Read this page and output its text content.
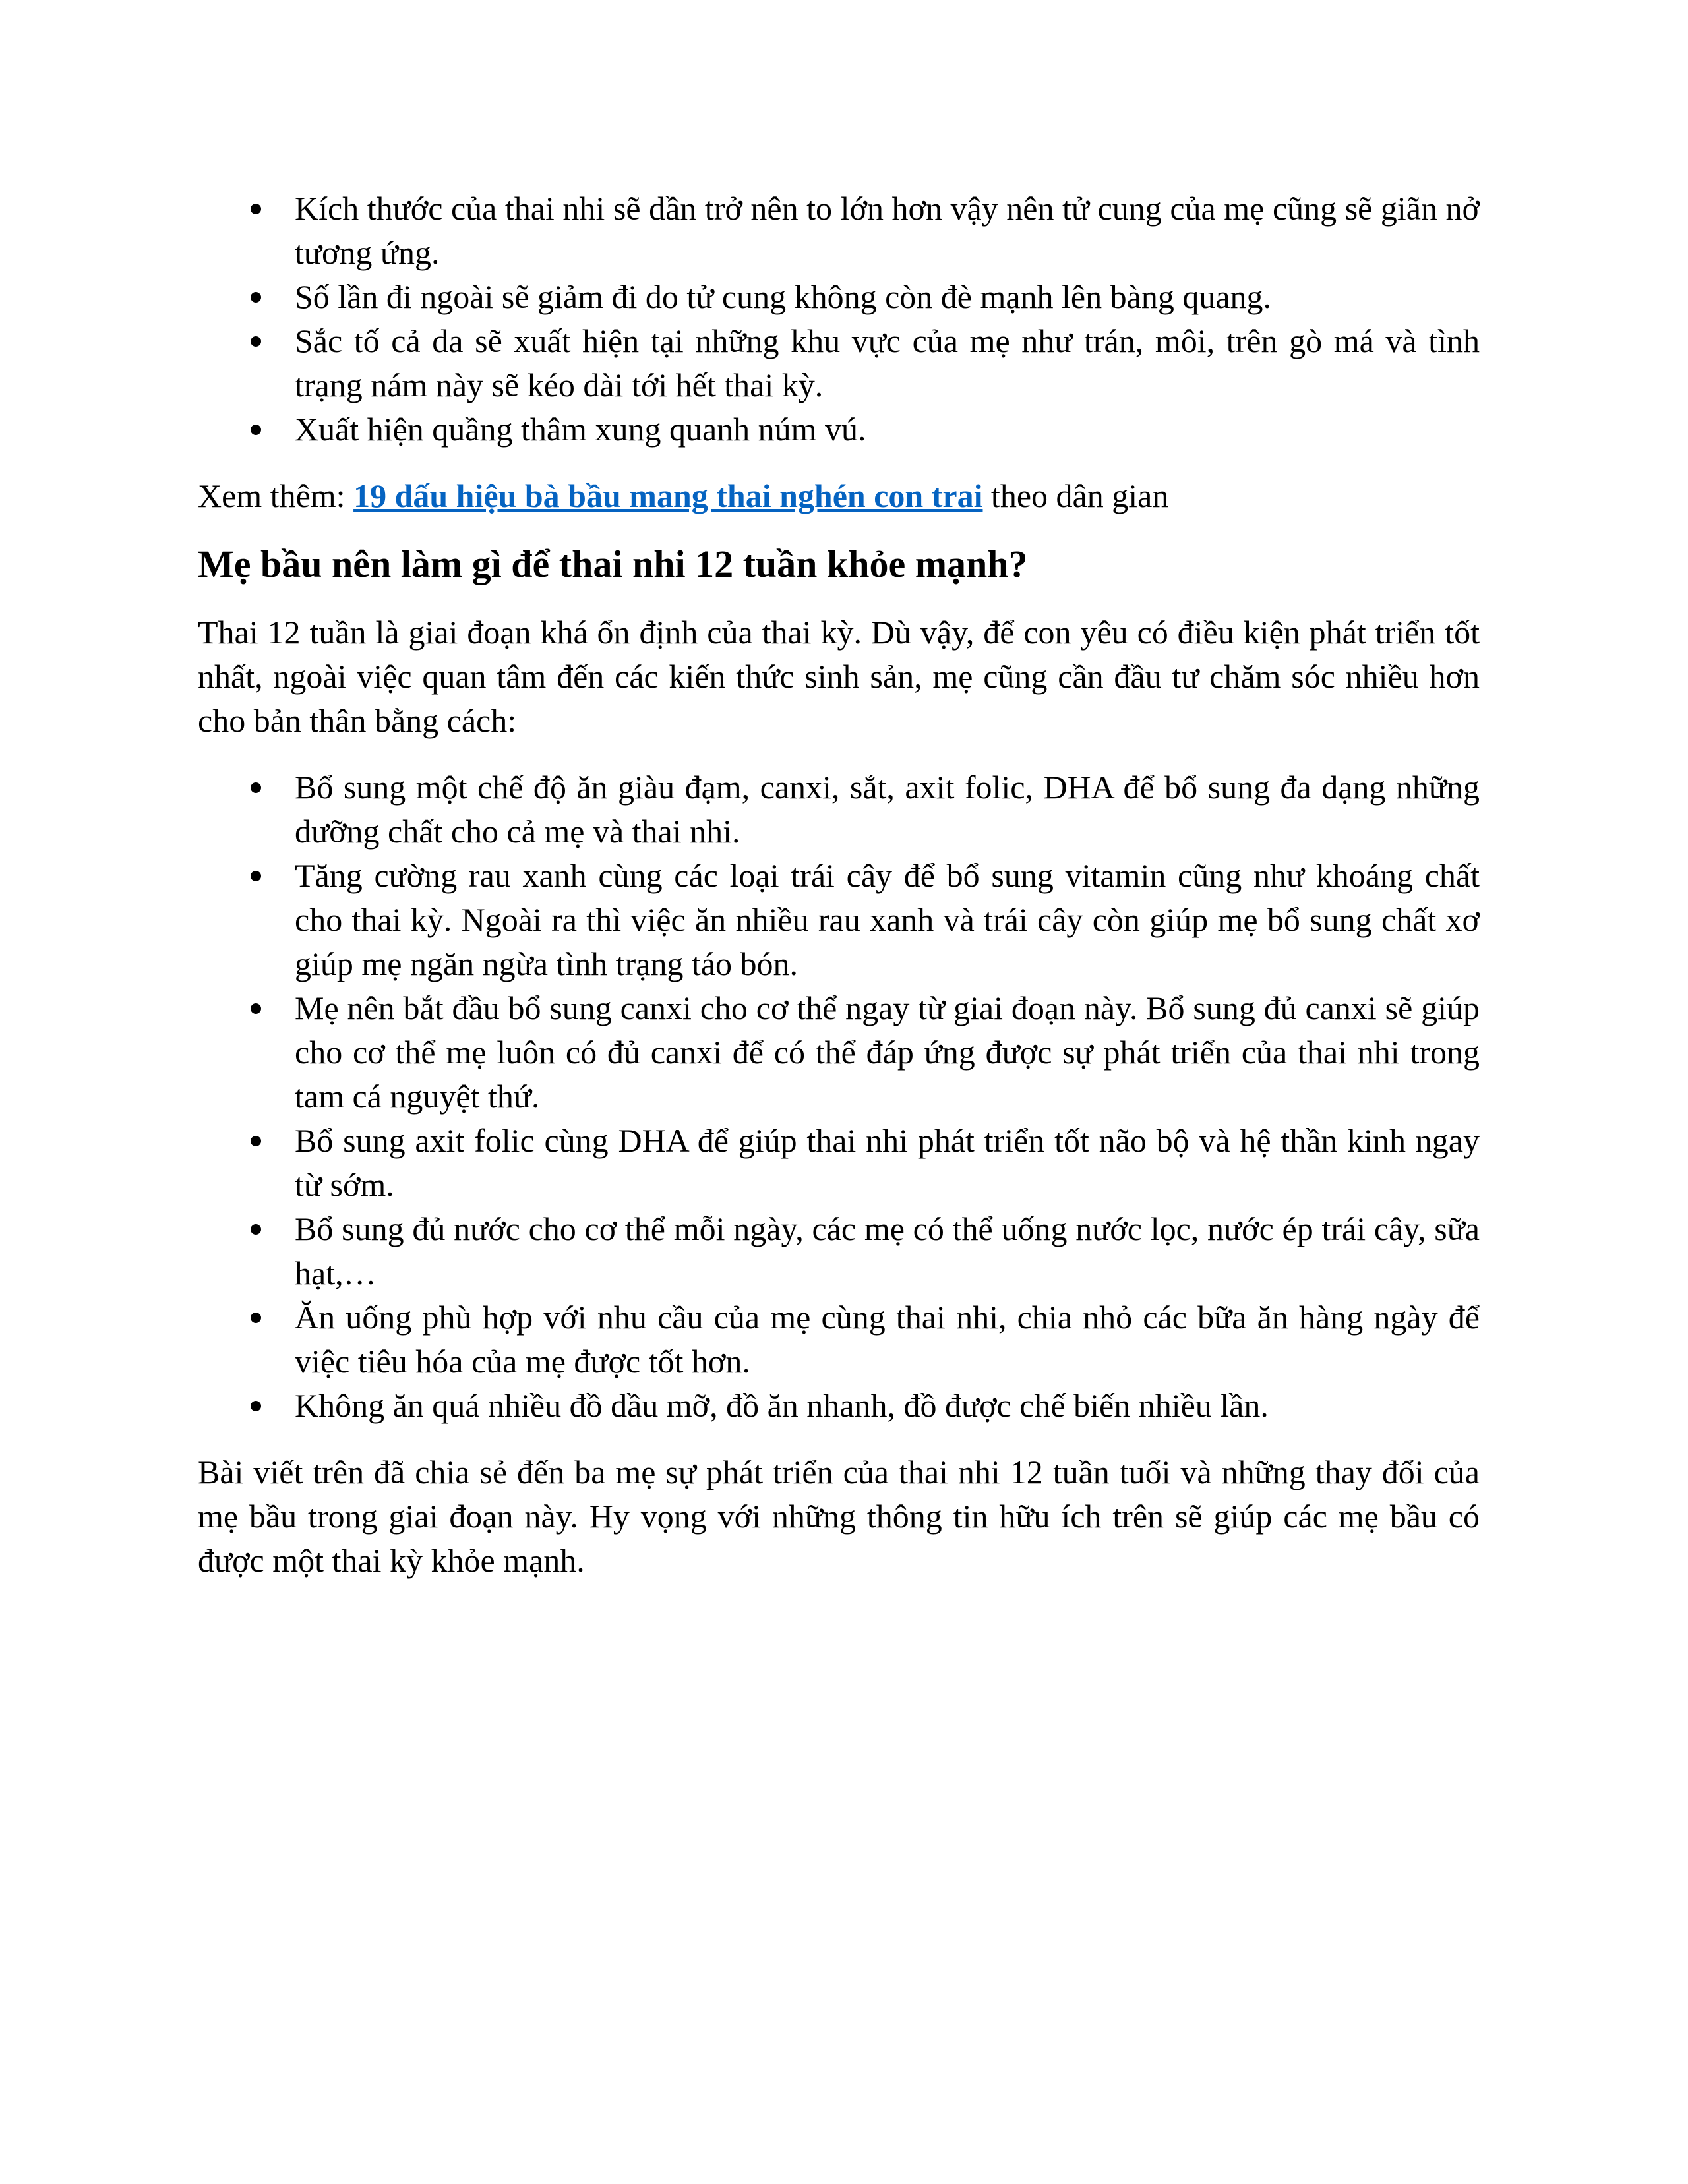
Kích thước của thai nhi sẽ dần trở nên to lớn hơn vậy nên tử cung của mẹ cũng sẽ giãn nở tương ứng.
Số lần đi ngoài sẽ giảm đi do tử cung không còn đè mạnh lên bàng quang.
Sắc tố cả da sẽ xuất hiện tại những khu vực của mẹ như trán, môi, trên gò má và tình trạng nám này sẽ kéo dài tới hết thai kỳ.
Xuất hiện quầng thâm xung quanh núm vú.

Xem thêm: 19 dấu hiệu bà bầu mang thai nghén con trai theo dân gian

Mẹ bầu nên làm gì để thai nhi 12 tuần khỏe mạnh?

Thai 12 tuần là giai đoạn khá ổn định của thai kỳ. Dù vậy, để con yêu có điều kiện phát triển tốt nhất, ngoài việc quan tâm đến các kiến thức sinh sản, mẹ cũng cần đầu tư chăm sóc nhiều hơn cho bản thân bằng cách:

Bổ sung một chế độ ăn giàu đạm, canxi, sắt, axit folic, DHA để bổ sung đa dạng những dưỡng chất cho cả mẹ và thai nhi.
Tăng cường rau xanh cùng các loại trái cây để bổ sung vitamin cũng như khoáng chất cho thai kỳ. Ngoài ra thì việc ăn nhiều rau xanh và trái cây còn giúp mẹ bổ sung chất xơ giúp mẹ ngăn ngừa tình trạng táo bón.
Mẹ nên bắt đầu bổ sung canxi cho cơ thể ngay từ giai đoạn này. Bổ sung đủ canxi sẽ giúp cho cơ thể mẹ luôn có đủ canxi để có thể đáp ứng được sự phát triển của thai nhi trong tam cá nguyệt thứ.
Bổ sung axit folic cùng DHA để giúp thai nhi phát triển tốt não bộ và hệ thần kinh ngay từ sớm.
Bổ sung đủ nước cho cơ thể mỗi ngày, các mẹ có thể uống nước lọc, nước ép trái cây, sữa hạt,…
Ăn uống phù hợp với nhu cầu của mẹ cùng thai nhi, chia nhỏ các bữa ăn hàng ngày để việc tiêu hóa của mẹ được tốt hơn.
Không ăn quá nhiều đồ dầu mỡ, đồ ăn nhanh, đồ được chế biến nhiều lần.

Bài viết trên đã chia sẻ đến ba mẹ sự phát triển của thai nhi 12 tuần tuổi và những thay đổi của mẹ bầu trong giai đoạn này. Hy vọng với những thông tin hữu ích trên sẽ giúp các mẹ bầu có được một thai kỳ khỏe mạnh.
